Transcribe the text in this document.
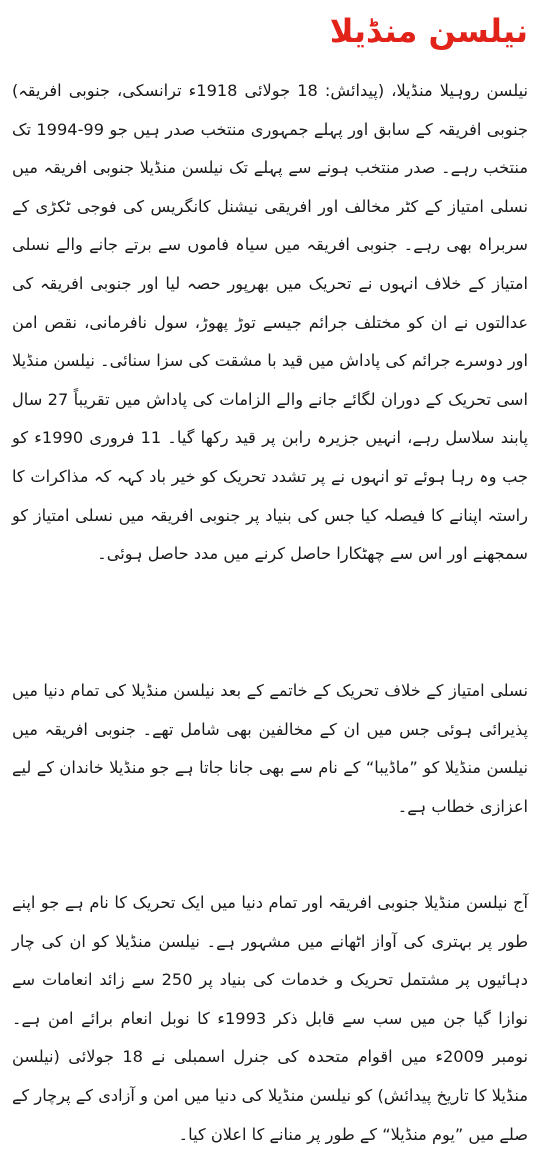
نیلسن منڈیلا

نیلسن روہیلا منڈیلا، (پیدائش: 18 جولائی 1918ء ترانسکی، جنوبی افریقہ) جنوبی افریقہ کے سابق اور پہلے جمہوری منتخب صدر ہیں جو 99-1994 تک منتخب رہے۔ صدر منتخب ہونے سے پہلے تک نیلسن منڈیلا جنوبی افریقہ میں نسلی امتیاز کے کٹر مخالف اور افریقی نیشنل کانگریس کی فوجی ٹکڑی کے سربراہ بھی رہے۔ جنوبی افریقہ میں سیاہ فاموں سے برتے جانے والے نسلی امتیاز کے خلاف انہوں نے تحریک میں بھرپور حصہ لیا اور جنوبی افریقہ کی عدالتوں نے ان کو مختلف جرائم جیسے توڑ پھوڑ، سول نافرمانی، نقص امن اور دوسرے جرائم کی پاداش میں قید با مشقت کی سزا سنائی۔ نیلسن منڈیلا اسی تحریک کے دوران لگائے جانے والے الزامات کی پاداش میں تقریباً 27 سال پابند سلاسل رہے، انہیں جزیرہ رابن پر قید رکھا گیا۔ 11 فروری 1990ء کو جب وہ رہا ہوئے تو انہوں نے پر تشدد تحریک کو خیر باد کہہ کہ مذاکرات کا راستہ اپنانے کا فیصلہ کیا جس کی بنیاد پر جنوبی افریقہ میں نسلی امتیاز کو سمجھنے اور اس سے چھٹکارا حاصل کرنے میں مدد حاصل ہوئی۔

نسلی امتیاز کے خلاف تحریک کے خاتمے کے بعد نیلسن منڈیلا کی تمام دنیا میں پذیرائی ہوئی جس میں ان کے مخالفین بھی شامل تھے۔ جنوبی افریقہ میں نیلسن منڈیلا کو ”ماڈیبا“ کے نام سے بھی جانا جاتا ہے جو منڈیلا خاندان کے لیے اعزازی خطاب ہے۔

آج نیلسن منڈیلا جنوبی افریقہ اور تمام دنیا میں ایک تحریک کا نام ہے جو اپنے طور پر بہتری کی آواز اٹھانے میں مشہور ہے۔ نیلسن منڈیلا کو ان کی چار دہائیوں پر مشتمل تحریک و خدمات کی بنیاد پر 250 سے زائد انعامات سے نوازا گیا جن میں سب سے قابل ذکر 1993ء کا نوبل انعام برائے امن ہے۔ نومبر 2009ء میں اقوام متحدہ کی جنرل اسمبلی نے 18 جولائی (نیلسن منڈیلا کا تاریخ پیدائش) کو نیلسن منڈیلا کی دنیا میں امن و آزادی کے پرچار کے صلے میں ”یوم منڈیلا“ کے طور پر منانے کا اعلان کیا۔
